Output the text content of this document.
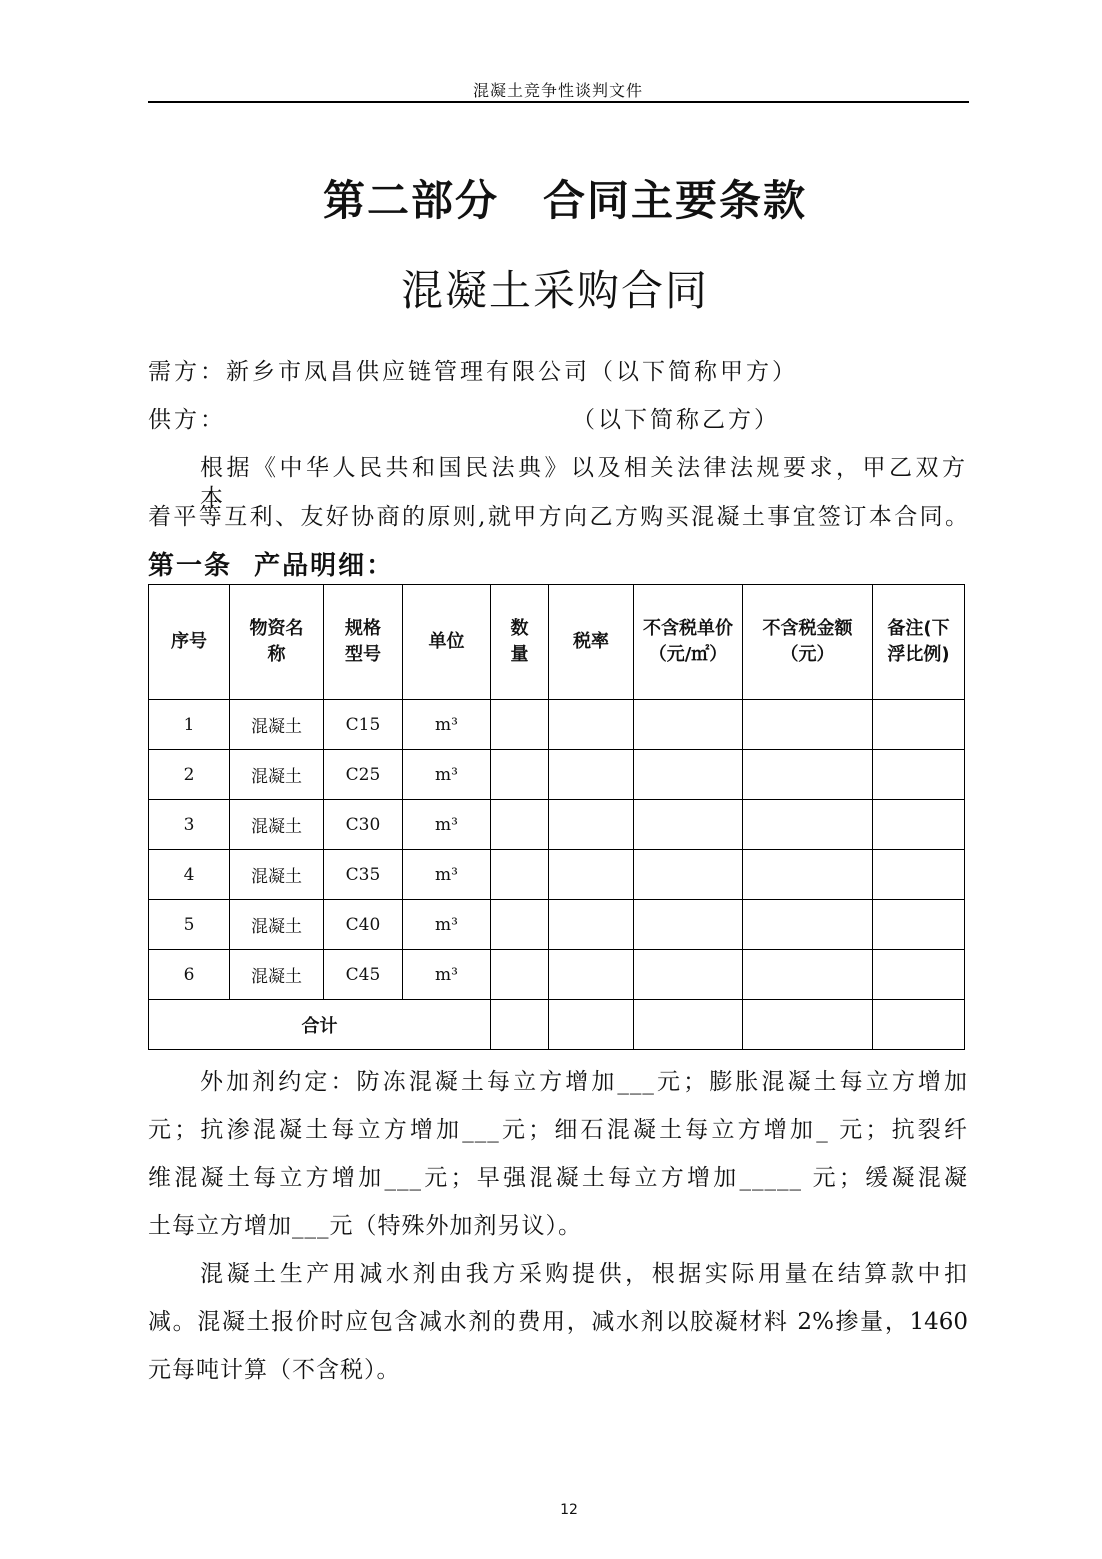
混凝土竞争性谈判文件
第二部分　合同主要条款
混凝土采购合同
需方：新乡市凤昌供应链管理有限公司（以下简称甲方）
供方：	（以下简称乙方）
根据《中华人民共和国民法典》以及相关法律法规要求，甲乙双方本
着平等互利、友好协商的原则,就甲方向乙方购买混凝土事宜签订本合同。
第一条  产品明细：
序号	物资名称	规格型号	单位	数量	税率	不含税单价（元/㎡）	不含税金额（元）	备注(下浮比例)

1	混凝土	C15	m³					
2	混凝土	C25	m³					
3	混凝土	C30	m³					
4	混凝土	C35	m³					
5	混凝土	C40	m³					
6	混凝土	C45	m³					
合计								
外加剂约定：防冻混凝土每立方增加___元；膨胀混凝土每立方增加
元；抗渗混凝土每立方增加___元；细石混凝土每立方增加_ 元；抗裂纤
维混凝土每立方增加___元；早强混凝土每立方增加_____ 元；缓凝混凝
土每立方增加___元（特殊外加剂另议）。
混凝土生产用减水剂由我方采购提供，根据实际用量在结算款中扣
减。混凝土报价时应包含减水剂的费用，减水剂以胶凝材料 2%掺量，1460
元每吨计算（不含税）。
12
